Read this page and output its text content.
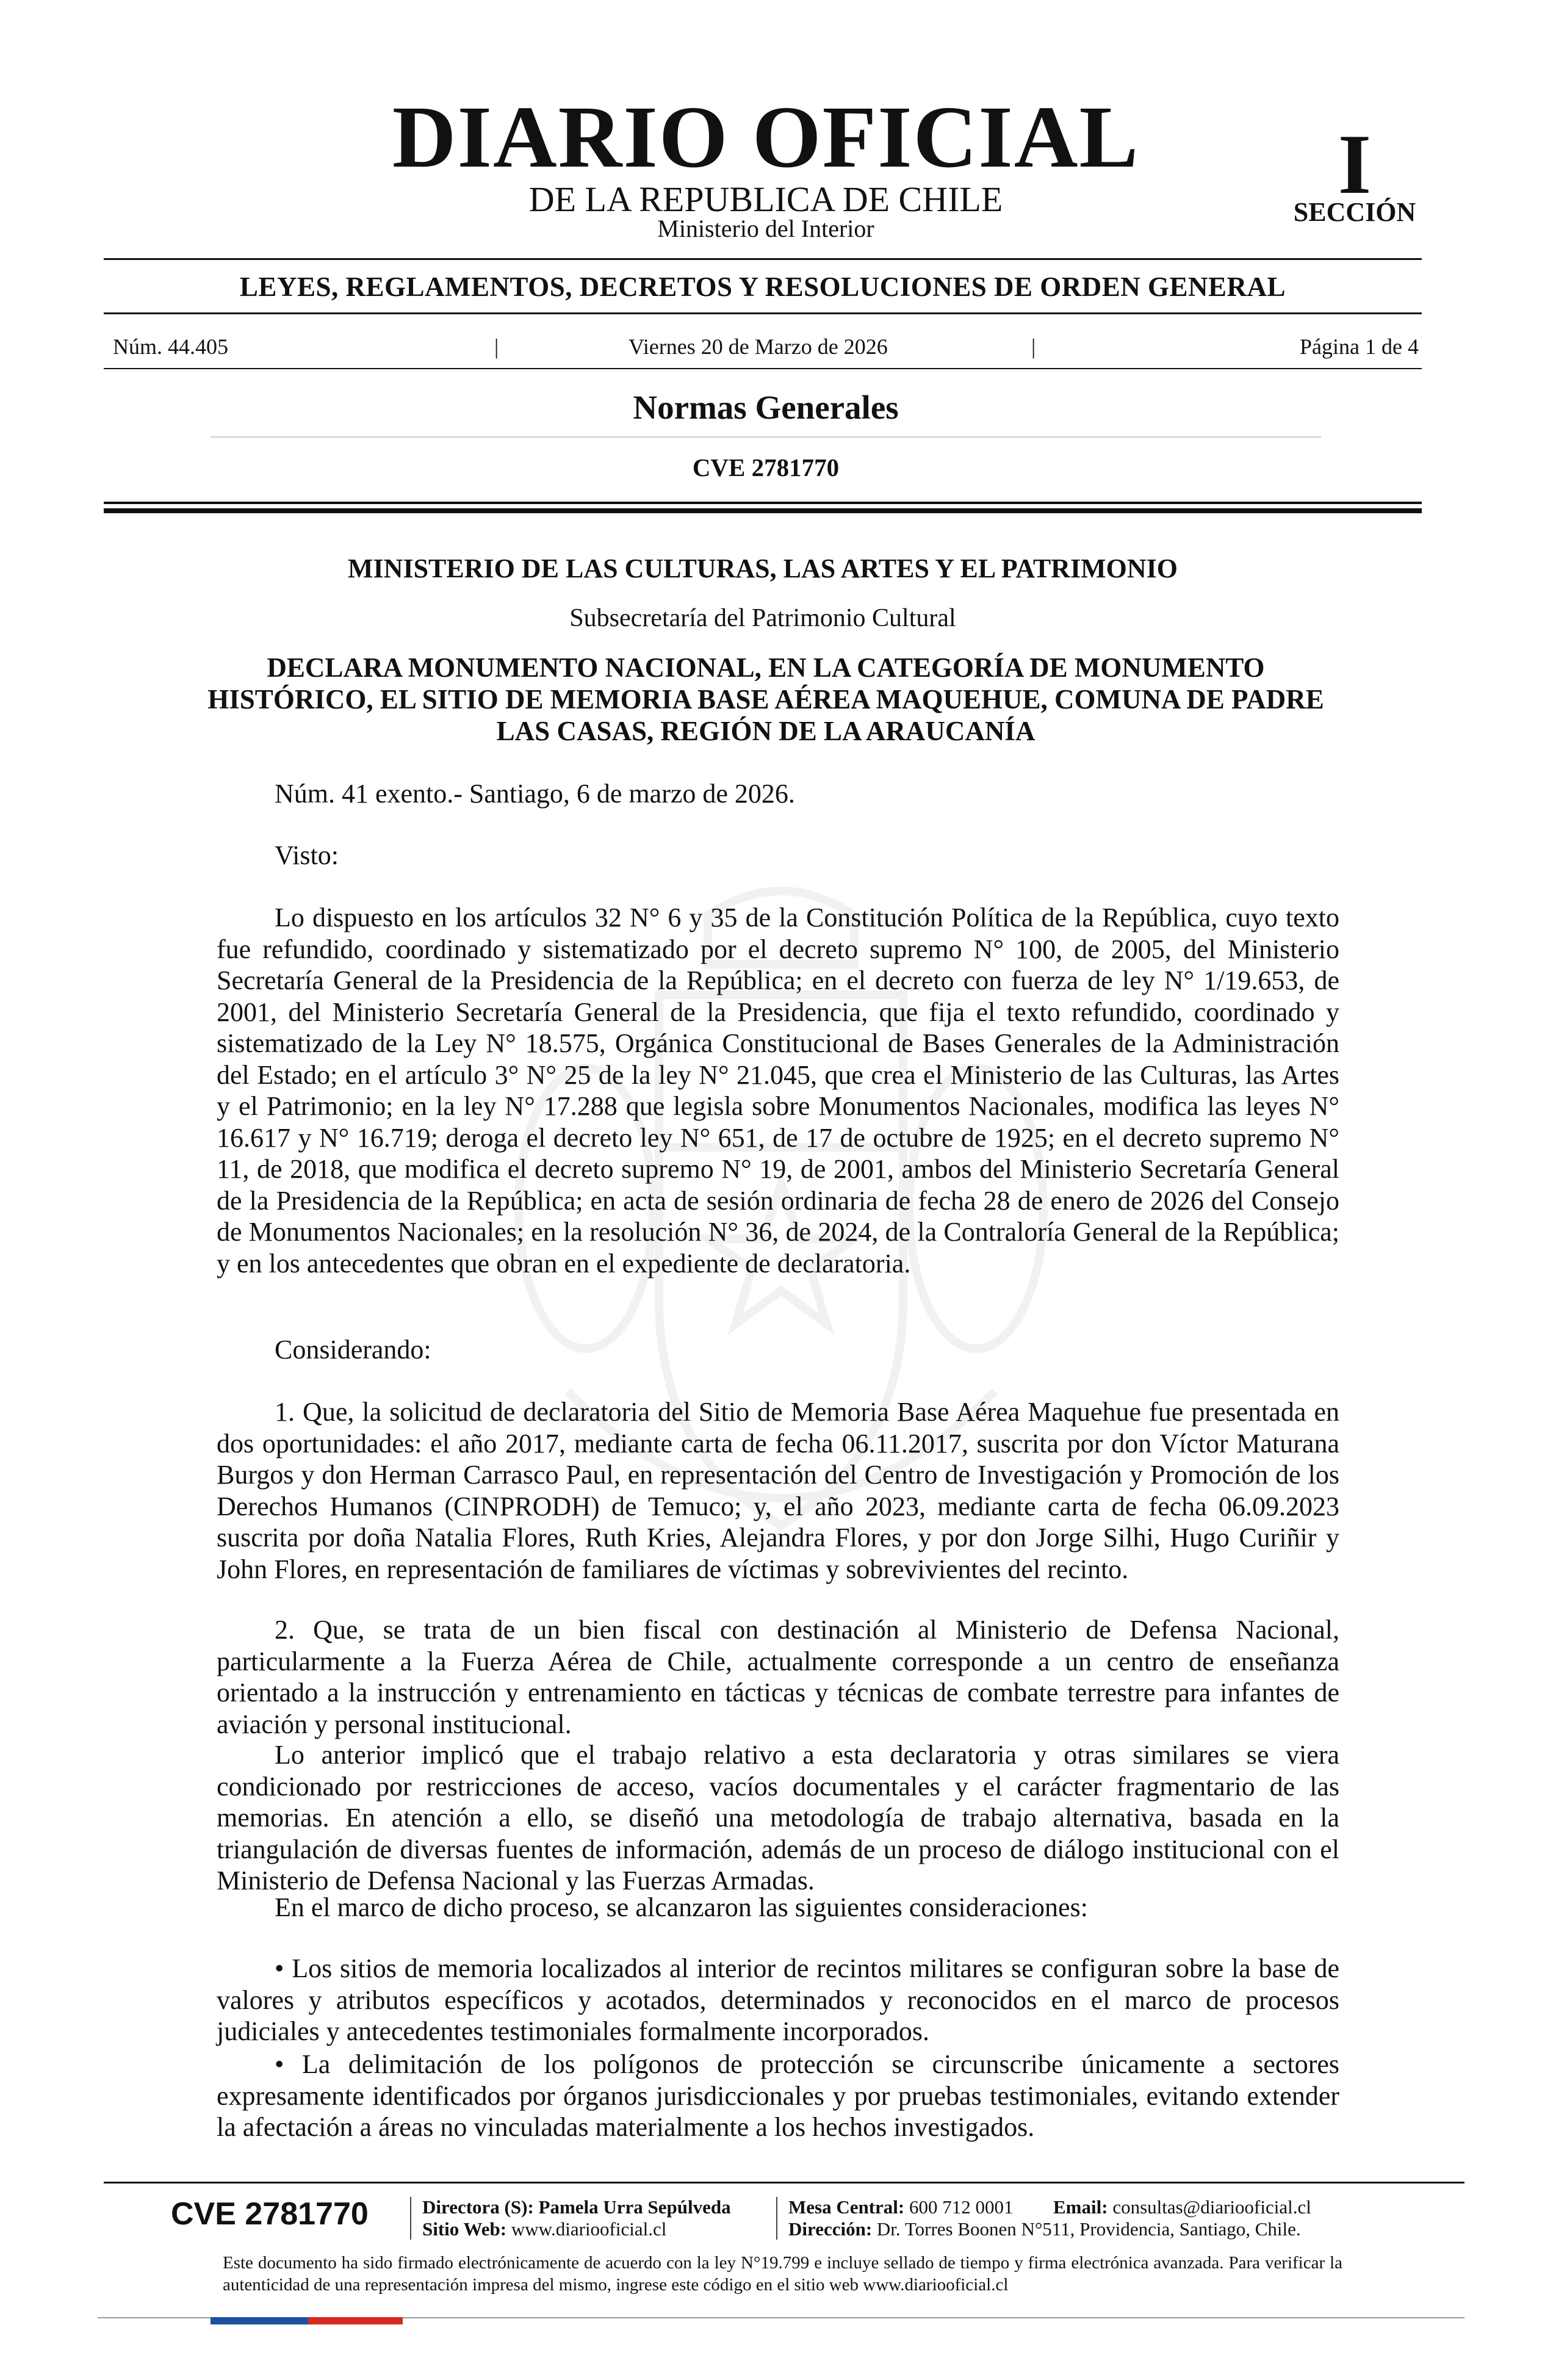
DIARIO OFICIAL
DE LA REPUBLICA DE CHILE
Ministerio del Interior
I
SECCIÓN
LEYES, REGLAMENTOS, DECRETOS Y RESOLUCIONES DE ORDEN GENERAL
Núm. 44.405	|	Viernes 20 de Marzo de 2026	|	Página 1 de 4
Normas Generales
CVE 2781770
MINISTERIO DE LAS CULTURAS, LAS ARTES Y EL PATRIMONIO
Subsecretaría del Patrimonio Cultural
DECLARA MONUMENTO NACIONAL, EN LA CATEGORÍA DE MONUMENTO HISTÓRICO, EL SITIO DE MEMORIA BASE AÉREA MAQUEHUE, COMUNA DE PADRE LAS CASAS, REGIÓN DE LA ARAUCANÍA
Núm. 41 exento.- Santiago, 6 de marzo de 2026.
Visto:
Lo dispuesto en los artículos 32 N° 6 y 35 de la Constitución Política de la República, cuyo texto fue refundido, coordinado y sistematizado por el decreto supremo N° 100, de 2005, del Ministerio Secretaría General de la Presidencia de la República; en el decreto con fuerza de ley N° 1/19.653, de 2001, del Ministerio Secretaría General de la Presidencia, que fija el texto refundido, coordinado y sistematizado de la Ley N° 18.575, Orgánica Constitucional de Bases Generales de la Administración del Estado; en el artículo 3° N° 25 de la ley N° 21.045, que crea el Ministerio de las Culturas, las Artes y el Patrimonio; en la ley N° 17.288 que legisla sobre Monumentos Nacionales, modifica las leyes N° 16.617 y N° 16.719; deroga el decreto ley N° 651, de 17 de octubre de 1925; en el decreto supremo N° 11, de 2018, que modifica el decreto supremo N° 19, de 2001, ambos del Ministerio Secretaría General de la Presidencia de la República; en acta de sesión ordinaria de fecha 28 de enero de 2026 del Consejo de Monumentos Nacionales; en la resolución N° 36, de 2024, de la Contraloría General de la República; y en los antecedentes que obran en el expediente de declaratoria.
Considerando:
1. Que, la solicitud de declaratoria del Sitio de Memoria Base Aérea Maquehue fue presentada en dos oportunidades: el año 2017, mediante carta de fecha 06.11.2017, suscrita por don Víctor Maturana Burgos y don Herman Carrasco Paul, en representación del Centro de Investigación y Promoción de los Derechos Humanos (CINPRODH) de Temuco; y, el año 2023, mediante carta de fecha 06.09.2023 suscrita por doña Natalia Flores, Ruth Kries, Alejandra Flores, y por don Jorge Silhi, Hugo Curiñir y John Flores, en representación de familiares de víctimas y sobrevivientes del recinto.
2. Que, se trata de un bien fiscal con destinación al Ministerio de Defensa Nacional, particularmente a la Fuerza Aérea de Chile, actualmente corresponde a un centro de enseñanza orientado a la instrucción y entrenamiento en tácticas y técnicas de combate terrestre para infantes de aviación y personal institucional.
Lo anterior implicó que el trabajo relativo a esta declaratoria y otras similares se viera condicionado por restricciones de acceso, vacíos documentales y el carácter fragmentario de las memorias. En atención a ello, se diseñó una metodología de trabajo alternativa, basada en la triangulación de diversas fuentes de información, además de un proceso de diálogo institucional con el Ministerio de Defensa Nacional y las Fuerzas Armadas.
En el marco de dicho proceso, se alcanzaron las siguientes consideraciones:
• Los sitios de memoria localizados al interior de recintos militares se configuran sobre la base de valores y atributos específicos y acotados, determinados y reconocidos en el marco de procesos judiciales y antecedentes testimoniales formalmente incorporados.
• La delimitación de los polígonos de protección se circunscribe únicamente a sectores expresamente identificados por órganos jurisdiccionales y por pruebas testimoniales, evitando extender la afectación a áreas no vinculadas materialmente a los hechos investigados.
CVE 2781770	Directora (S): Pamela Urra Sepúlveda
Sitio Web: www.diariooficial.cl
Mesa Central: 600 712 0001 Email: consultas@diariooficial.cl
Dirección: Dr. Torres Boonen N°511, Providencia, Santiago, Chile.
Este documento ha sido firmado electrónicamente de acuerdo con la ley N°19.799 e incluye sellado de tiempo y firma electrónica avanzada. Para verificar la autenticidad de una representación impresa del mismo, ingrese este código en el sitio web www.diariooficial.cl
